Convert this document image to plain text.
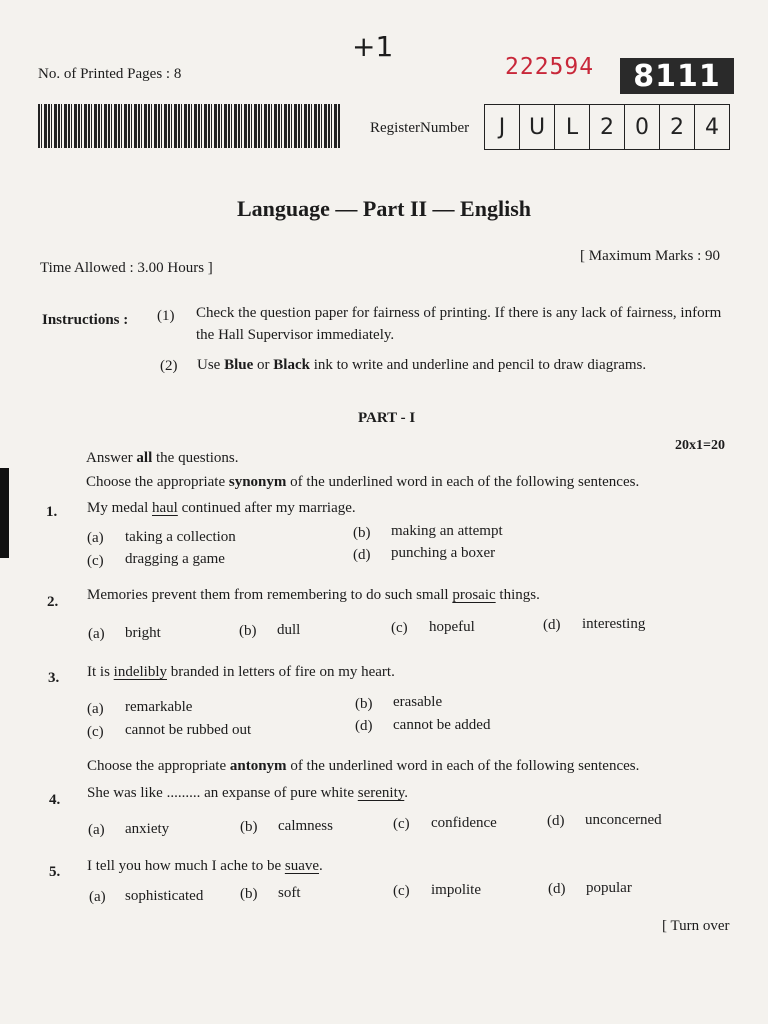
No. of Printed Pages : 8
+1
222594	8111
RegisterNumber	J	U L 2 0 2 4
Language — Part II — English
Time Allowed : 3.00 Hours ]
[ Maximum Marks : 90
Instructions : (1) Check the question paper for fairness of printing. If there is any lack of fairness, inform the Hall Supervisor immediately.
(2) Use Blue or Black ink to write and underline and pencil to draw diagrams.
PART - I
20x1=20
Answer all the questions.
Choose the appropriate synonym of the underlined word in each of the following sentences.
1. My medal haul continued after my marriage.
(a) taking a collection	(b) making an attempt
(c) dragging a game	(d) punching a boxer
2. Memories prevent them from remembering to do such small prosaic things.
(a) bright	(b) dull	(c) hopeful	(d) interesting
3. It is indelibly branded in letters of fire on my heart.
(a) remarkable	(b) erasable
(c) cannot be rubbed out	(d) cannot be added
Choose the appropriate antonym of the underlined word in each of the following sentences.
4. She was like ......... an expanse of pure white serenity.
(a) anxiety	(b) calmness	(c) confidence	(d) unconcerned
5. I tell you how much I ache to be suave.
(a) sophisticated (b) soft	(c) impolite	(d) popular
[ Turn over
